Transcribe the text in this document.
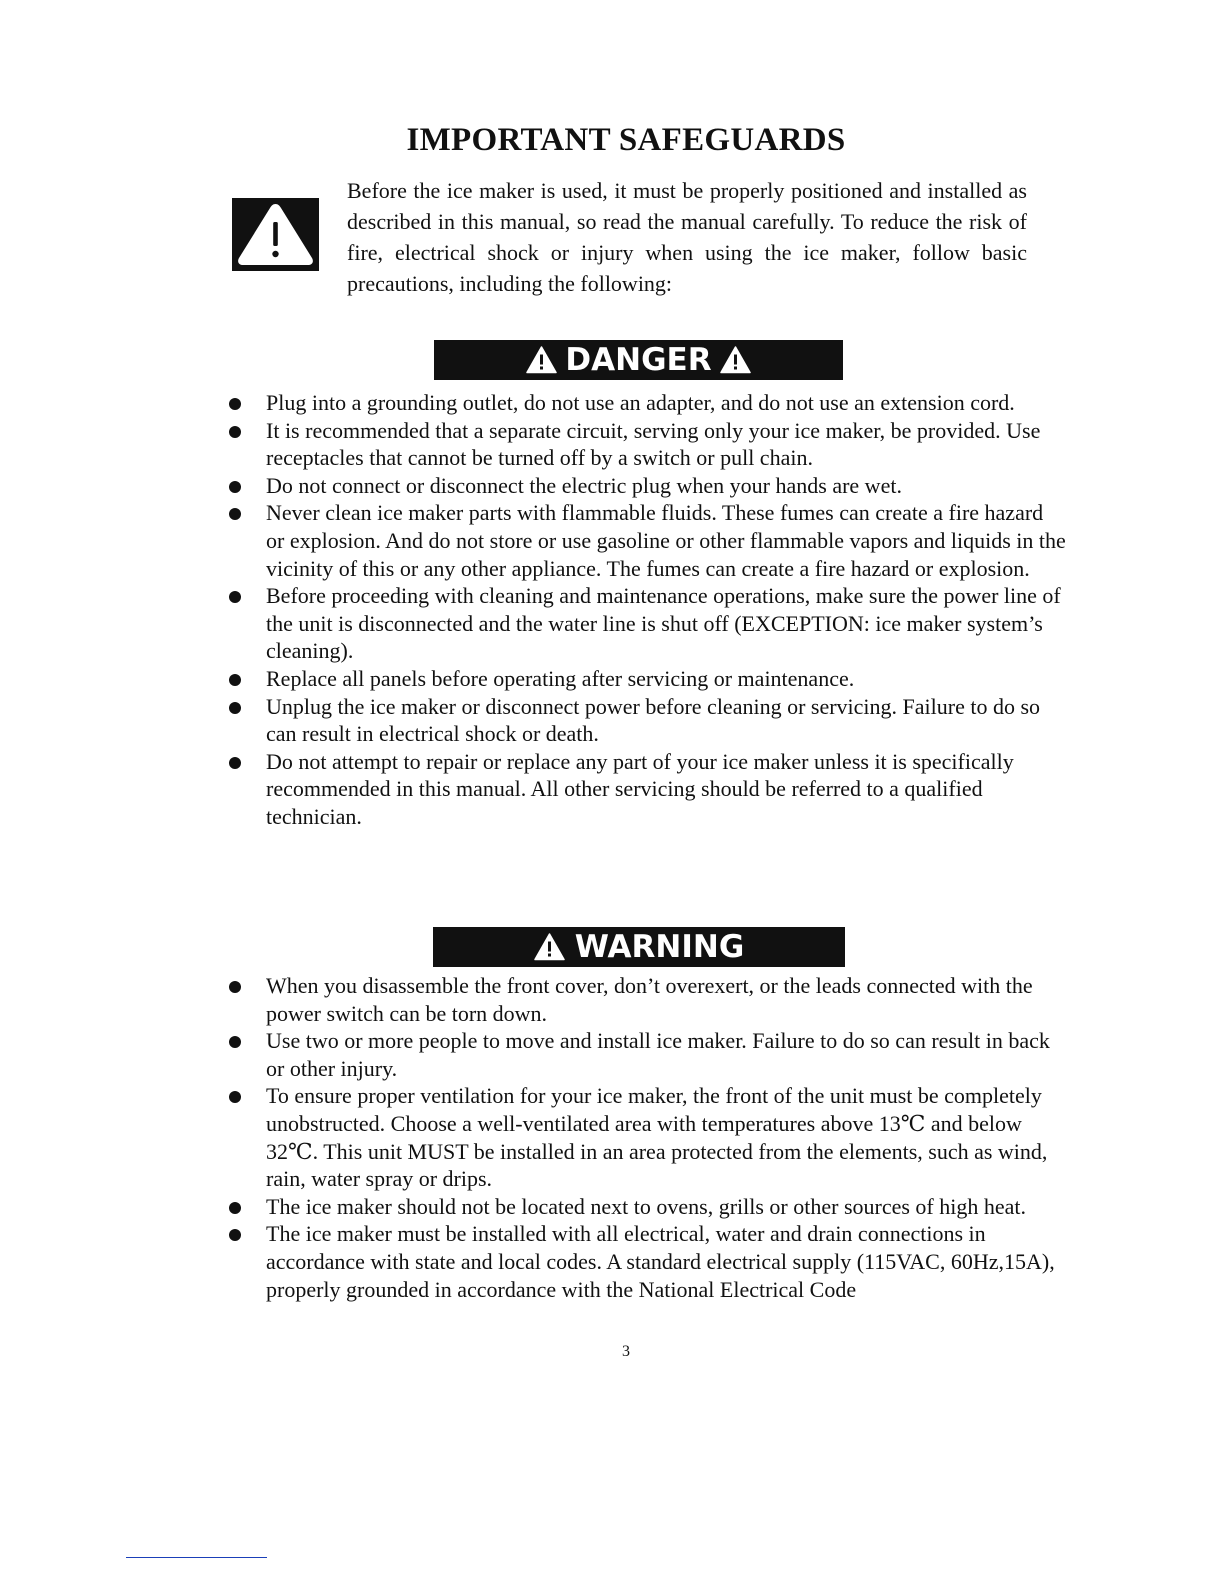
IMPORTANT SAFEGUARDS

Before the ice maker is used, it must be properly positioned and installed as described in this manual, so read the manual carefully. To reduce the risk of fire, electrical shock or injury when using the ice maker, follow basic precautions, including the following:

DANGER
Plug into a grounding outlet, do not use an adapter, and do not use an extension cord.
It is recommended that a separate circuit, serving only your ice maker, be provided. Use receptacles that cannot be turned off by a switch or pull chain.
Do not connect or disconnect the electric plug when your hands are wet.
Never clean ice maker parts with flammable fluids. These fumes can create a fire hazard or explosion. And do not store or use gasoline or other flammable vapors and liquids in the vicinity of this or any other appliance. The fumes can create a fire hazard or explosion.
Before proceeding with cleaning and maintenance operations, make sure the power line of the unit is disconnected and the water line is shut off (EXCEPTION: ice maker system’s cleaning).
Replace all panels before operating after servicing or maintenance.
Unplug the ice maker or disconnect power before cleaning or servicing. Failure to do so can result in electrical shock or death.
Do not attempt to repair or replace any part of your ice maker unless it is specifically recommended in this manual. All other servicing should be referred to a qualified technician.
WARNING
When you disassemble the front cover, don’t overexert, or the leads connected with the power switch can be torn down.
Use two or more people to move and install ice maker. Failure to do so can result in back or other injury.
To ensure proper ventilation for your ice maker, the front of the unit must be completely unobstructed. Choose a well-ventilated area with temperatures above 13℃ and below 32℃. This unit MUST be installed in an area protected from the elements, such as wind, rain, water spray or drips.
The ice maker should not be located next to ovens, grills or other sources of high heat.
The ice maker must be installed with all electrical, water and drain connections in accordance with state and local codes. A standard electrical supply (115VAC, 60Hz,15A), properly grounded in accordance with the National Electrical Code
3
